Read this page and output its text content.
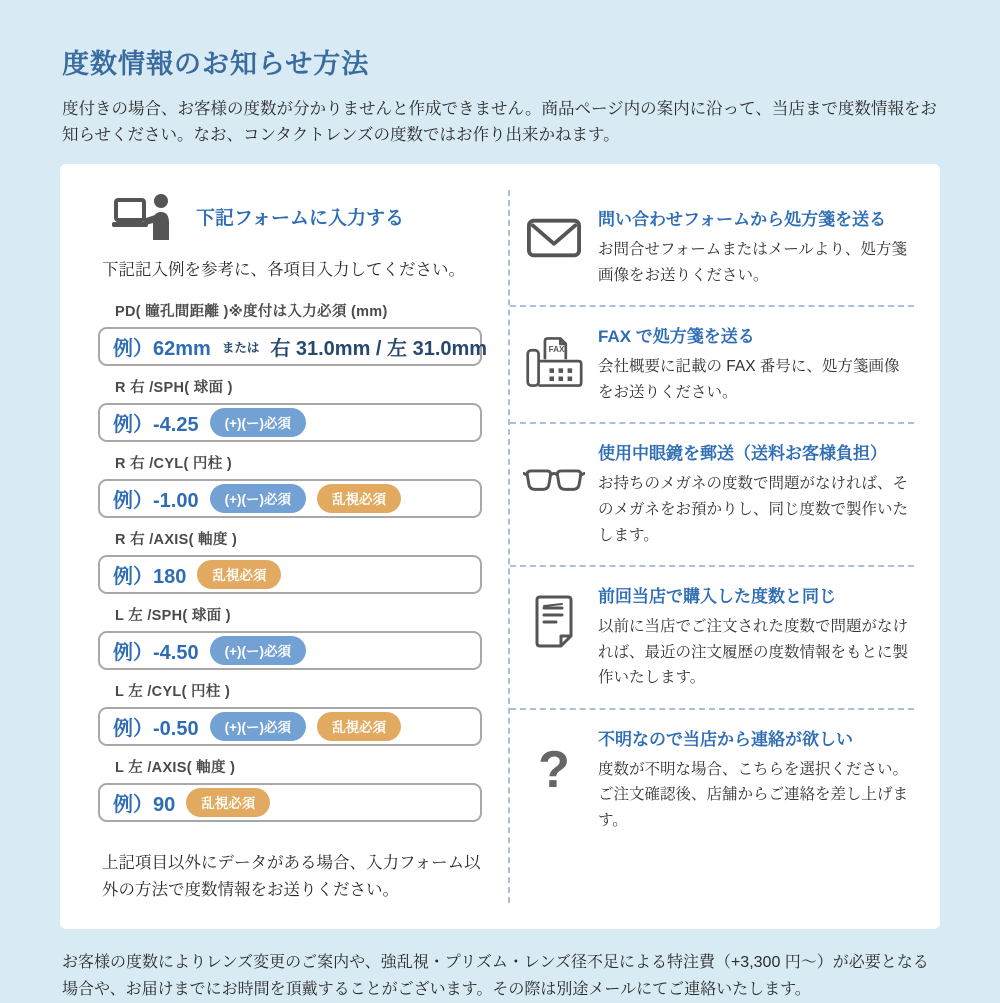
度数情報のお知らせ方法

度付きの場合、お客様の度数が分かりませんと作成できません。商品ページ内の案内に沿って、当店まで度数情報をお知らせください。なお、コンタクトレンズの度数ではお作り出来かねます。

下記フォームに入力する

下記記入例を参考に、各項目入力してください。

PD( 瞳孔間距離 )※度付は入力必須 (mm)
例）62mm または 右 31.0mm / 左 31.0mm
R 右 /SPH( 球面 )
例）-4.25	(+)(ー)必須
R 右 /CYL( 円柱 )
例）-1.00	(+)(ー)必須	乱視必須
R 右 /AXIS( 軸度 )
例）180	乱視必須
L 左 /SPH( 球面 )
例）-4.50	(+)(ー)必須
L 左 /CYL( 円柱 )
例）-0.50	(+)(ー)必須	乱視必須
L 左 /AXIS( 軸度 )
例）90	乱視必須

上記項目以外にデータがある場合、入力フォーム以外の方法で度数情報をお送りください。

問い合わせフォームから処方箋を送る

お問合せフォームまたはメールより、処方箋画像をお送りください。

FAX

FAX で処方箋を送る

会社概要に記載の FAX 番号に、処方箋画像をお送りください。

使用中眼鏡を郵送（送料お客様負担）

お持ちのメガネの度数で問題がなければ、そのメガネをお預かりし、同じ度数で製作いたします。

前回当店で購入した度数と同じ

以前に当店でご注文された度数で問題がなければ、最近の注文履歴の度数情報をもとに製作いたします。

?

不明なので当店から連絡が欲しい

度数が不明な場合、こちらを選択ください。ご注文確認後、店舗からご連絡を差し上げます。

お客様の度数によりレンズ変更のご案内や、強乱視・プリズム・レンズ径不足による特注費（+3,300 円〜）が必要となる場合や、お届けまでにお時間を頂戴することがございます。その際は別途メールにてご連絡いたします。
